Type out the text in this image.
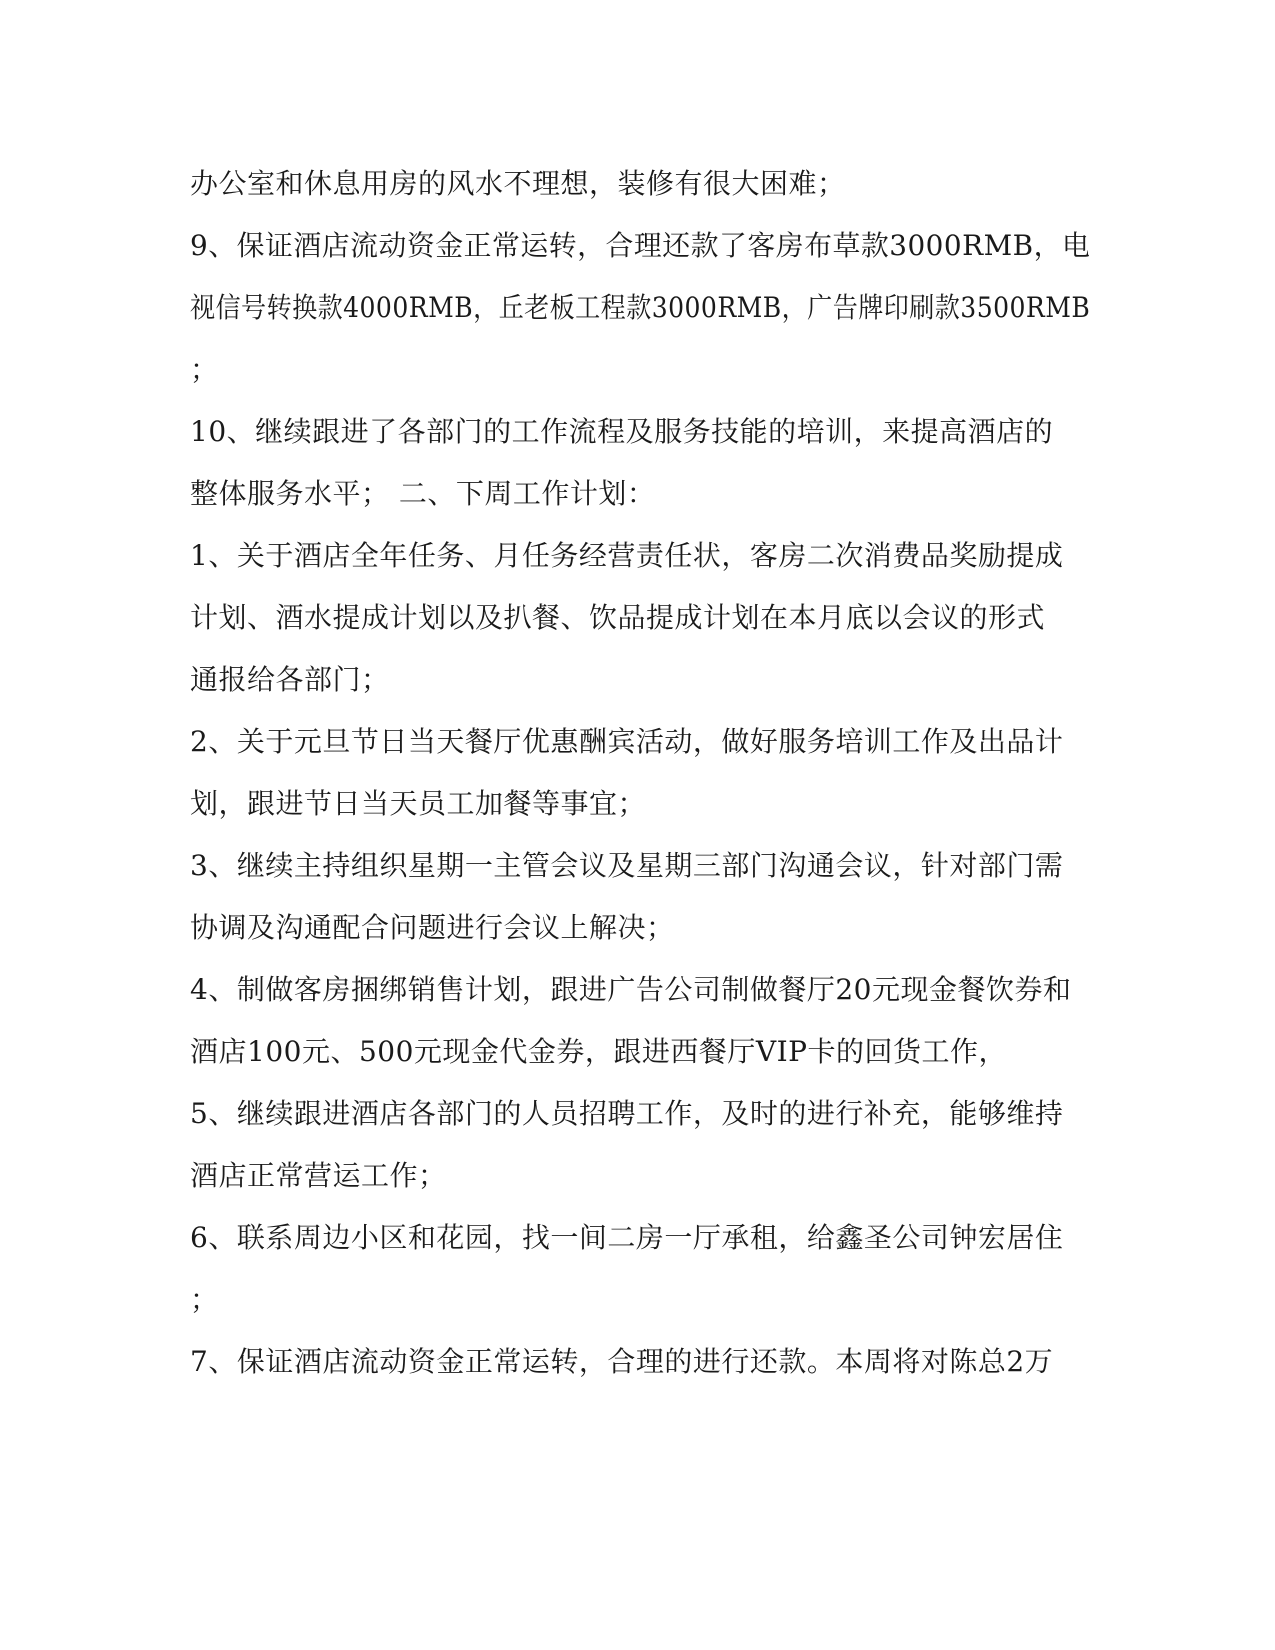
办公室和休息用房的风水不理想，装修有很大困难；
9、保证酒店流动资金正常运转，合理还款了客房布草款3000RMB，电
视信号转换款4000RMB，丘老板工程款3000RMB，广告牌印刷款3500RMB
；
10、继续跟进了各部门的工作流程及服务技能的培训，来提高酒店的
整体服务水平； 二、下周工作计划：
1、关于酒店全年任务、月任务经营责任状，客房二次消费品奖励提成
计划、酒水提成计划以及扒餐、饮品提成计划在本月底以会议的形式
通报给各部门；
2、关于元旦节日当天餐厅优惠酬宾活动，做好服务培训工作及出品计
划，跟进节日当天员工加餐等事宜；
3、继续主持组织星期一主管会议及星期三部门沟通会议，针对部门需
协调及沟通配合问题进行会议上解决；
4、制做客房捆绑销售计划，跟进广告公司制做餐厅20元现金餐饮券和
酒店100元、500元现金代金券，跟进西餐厅VIP卡的回货工作，
5、继续跟进酒店各部门的人员招聘工作，及时的进行补充，能够维持
酒店正常营运工作；
6、联系周边小区和花园，找一间二房一厅承租，给鑫圣公司钟宏居住
；
7、保证酒店流动资金正常运转，合理的进行还款。本周将对陈总2万
